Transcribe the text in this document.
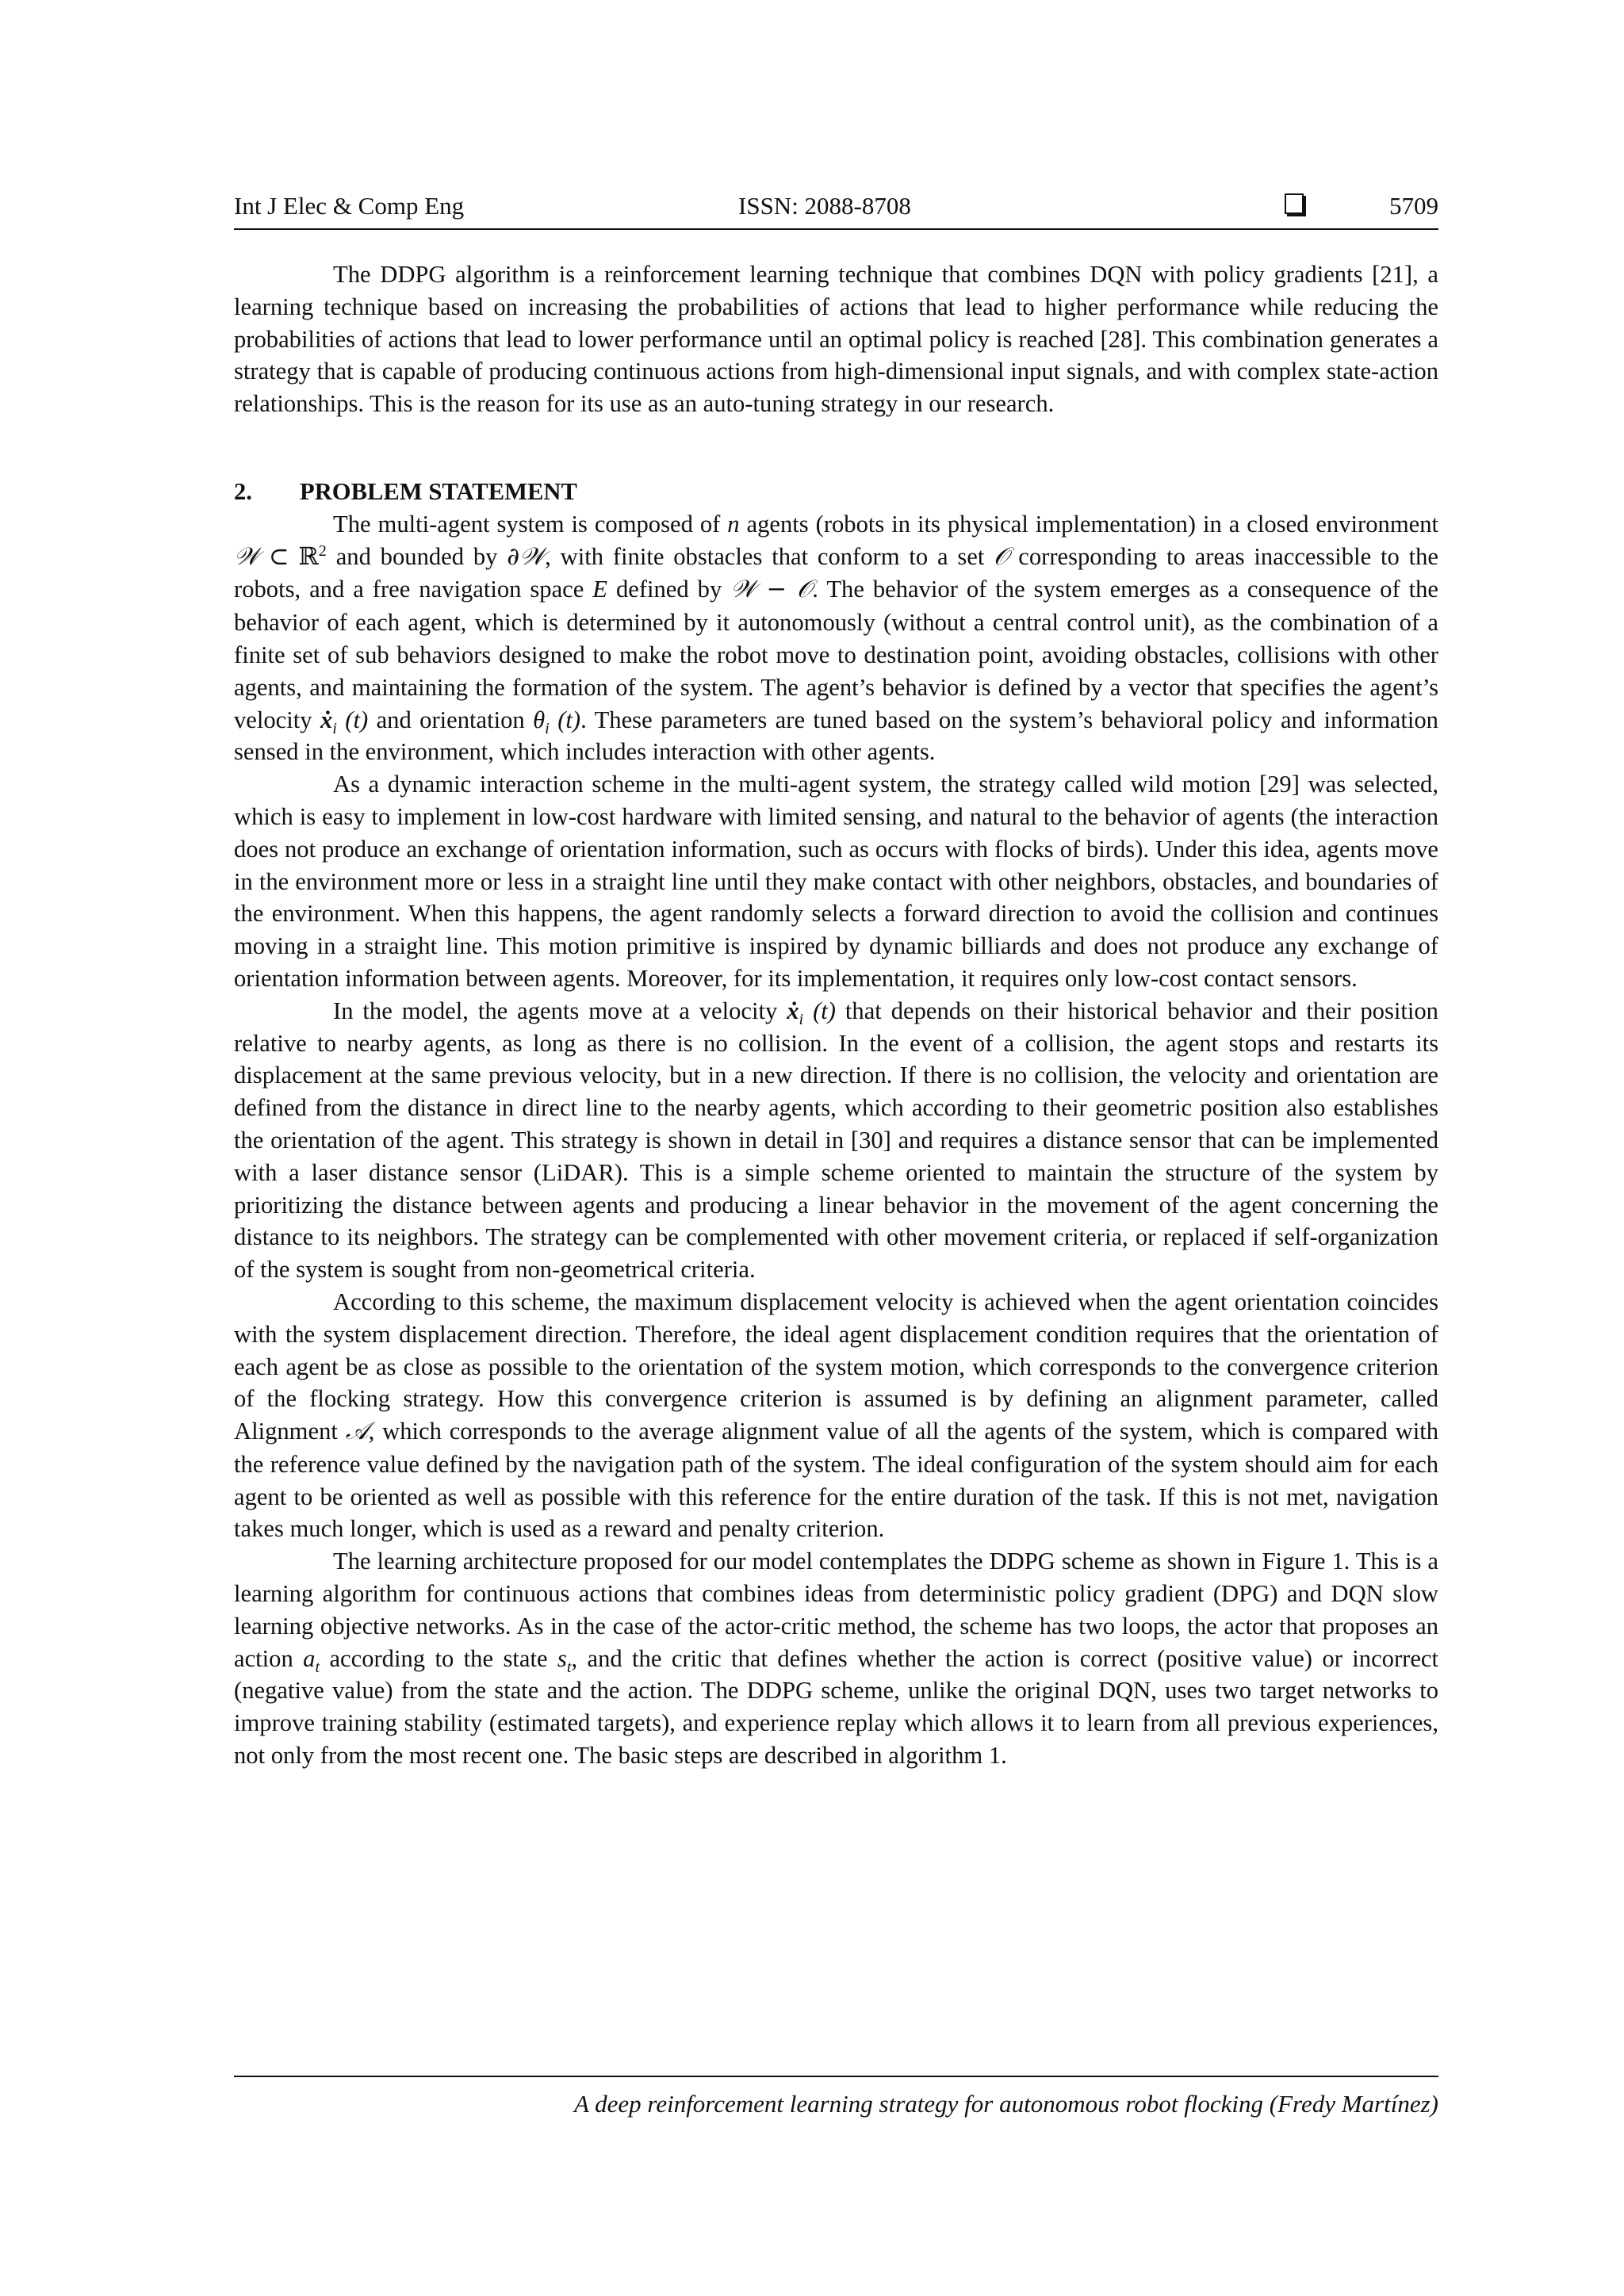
Int J Elec & Comp Eng	ISSN: 2088-8708	5709

The DDPG algorithm is a reinforcement learning technique that combines DQN with policy gradients [21], a learning technique based on increasing the probabilities of actions that lead to higher performance while reducing the probabilities of actions that lead to lower performance until an optimal policy is reached [28]. This combination generates a strategy that is capable of producing continuous actions from high-dimensional input signals, and with complex state-action relationships. This is the reason for its use as an auto-tuning strategy in our research.

2. PROBLEM STATEMENT

The multi-agent system is composed of n agents (robots in its physical implementation) in a closed environment 𝒲 ⊂ ℝ$^2$ and bounded by ∂𝒲, with finite obstacles that conform to a set 𝒪 corresponding to areas inaccessible to the robots, and a free navigation space E defined by 𝒲 − 𝒪. The behavior of the system emerges as a consequence of the behavior of each agent, which is determined by it autonomously (without a central control unit), as the combination of a finite set of sub behaviors designed to make the robot move to destination point, avoiding obstacles, collisions with other agents, and maintaining the formation of the system. The agent’s behavior is defined by a vector that specifies the agent’s velocity ẋ$_i$ (t) and orientation $\theta_i$ (t). These parameters are tuned based on the system’s behavioral policy and information sensed in the environment, which includes interaction with other agents.

As a dynamic interaction scheme in the multi-agent system, the strategy called wild motion [29] was selected, which is easy to implement in low-cost hardware with limited sensing, and natural to the behavior of agents (the interaction does not produce an exchange of orientation information, such as occurs with flocks of birds). Under this idea, agents move in the environment more or less in a straight line until they make contact with other neighbors, obstacles, and boundaries of the environment. When this happens, the agent randomly selects a forward direction to avoid the collision and continues moving in a straight line. This motion primitive is inspired by dynamic billiards and does not produce any exchange of orientation information between agents. Moreover, for its implementation, it requires only low-cost contact sensors.

In the model, the agents move at a velocity ẋ$_i$ (t) that depends on their historical behavior and their position relative to nearby agents, as long as there is no collision. In the event of a collision, the agent stops and restarts its displacement at the same previous velocity, but in a new direction. If there is no collision, the velocity and orientation are defined from the distance in direct line to the nearby agents, which according to their geometric position also establishes the orientation of the agent. This strategy is shown in detail in [30] and requires a distance sensor that can be implemented with a laser distance sensor (LiDAR). This is a simple scheme oriented to maintain the structure of the system by prioritizing the distance between agents and producing a linear behavior in the movement of the agent concerning the distance to its neighbors. The strategy can be complemented with other movement criteria, or replaced if self-organization of the system is sought from non-geometrical criteria.

According to this scheme, the maximum displacement velocity is achieved when the agent orientation coincides with the system displacement direction. Therefore, the ideal agent displacement condition requires that the orientation of each agent be as close as possible to the orientation of the system motion, which corresponds to the convergence criterion of the flocking strategy. How this convergence criterion is assumed is by defining an alignment parameter, called Alignment 𝒜, which corresponds to the average alignment value of all the agents of the system, which is compared with the reference value defined by the navigation path of the system. The ideal configuration of the system should aim for each agent to be oriented as well as possible with this reference for the entire duration of the task. If this is not met, navigation takes much longer, which is used as a reward and penalty criterion.

The learning architecture proposed for our model contemplates the DDPG scheme as shown in Figure 1. This is a learning algorithm for continuous actions that combines ideas from deterministic policy gradient (DPG) and DQN slow learning objective networks. As in the case of the actor-critic method, the scheme has two loops, the actor that proposes an action $a_t$ according to the state $s_t$, and the critic that defines whether the action is correct (positive value) or incorrect (negative value) from the state and the action. The DDPG scheme, unlike the original DQN, uses two target networks to improve training stability (estimated targets), and experience replay which allows it to learn from all previous experiences, not only from the most recent one. The basic steps are described in algorithm 1.

A deep reinforcement learning strategy for autonomous robot flocking (Fredy Martínez)
